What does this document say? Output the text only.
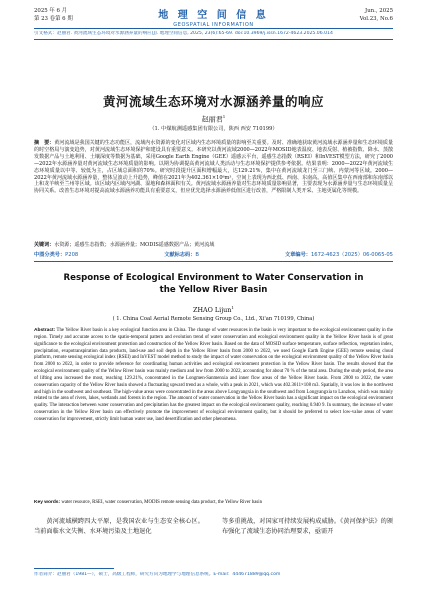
2025 年 6 月
第 23 卷第 6 期	地 理 空 间 信 息
GEOSPATIAL INFORMATION
Jun., 2025
Vol.23, No.6
引文格式：赵丽君. 黄河流域生态环境对水源涵养量的响应[J]. 地理空间信息, 2025, 23(6):65-69. doi:10.3969/j.issn.1672-4623.2025.06.014
黄河流域生态环境对水源涵养量的响应
赵丽君$^1$
（1. 中煤航测遥感集团有限公司，陕西 西安 710199）
摘　要：黄河流域是我国关键的生态功能区，流域内水资源的变化对区域内生态环境质量的影响至关重要。及时、准确地获取黄河流域水源涵养量和生态环境质量的时空格局与演变趋势，对黄河流域生态环境保护和建设具有重要意义。本研究以黄河流域2000—2022年MOSID地表温度、地表反射、植被指数、降水、蒸散发数据产品与土地利用、土壤深度等数据为基础，采用Google Earth Engine（GEE）遥感云平台，遥感生态指数（RSEI）和InVEST模型方法，研究了2000—2022年水源涵养量对黄河流域生态环境质量的影响。以期为协调提高黄河流域人类活动与生态环境保护提供参考依据。结果表明：2000—2022年黄河流域生态环境质量以中等、较低为主，占区域总面积的70%。研究时段提升区面积增幅最大，达129.21%，集中在黄河流域龙门至三门峡、内蒙河等区域。2000—2022年黄河流域水源涵养量，整体呈波动上升趋势，峰值在2021年为402.361×10⁸m³，空间上表现为西北低、西南、东南高。高值区集中在西南部和东南部以上和龙羊峡至兰州等区域。该区域内区域内河湖、湿地和森林面积有关。黄河流域水源涵养量对生态环境质量影响显著，主要表现为水源涵养量与生态环境质量呈协同关系。改善生态环境对提高流域水源涵养功能具有重要意义，但应优先选择水源涵养低值区进行改善，严格限制人类开采、主地更属化等规模。
关键词：水资源；遥感生态指数；水源涵养量；MODIS遥感数据产品；黄河流域
中图分类号：P208	文献标志码：B	文章编号：1672-4623（2025）06-0065-05
Response of Ecological Environment to Water Conservation in the Yellow River Basin
ZHAO Lijun$^1$
( 1. China Coal Aerial Remote Sensing Group Co., Ltd., Xi'an 710199, China)
Abstract: The Yellow River basin is a key ecological function area in China. The change of water resources in the basin is very important to the ecological environment quality in the region. Timely and accurate access to the spatio-temporal pattern and evolution trend of water conservation and ecological environment quality in the Yellow River basin is of great significance to the ecological environment protection and construction of the Yellow River basin. Based on the data of MOSID surface temperature, surface reflection, vegetation index, precipitation, evapotranspiration data products, land-use and soil depth in the Yellow River basin from 2000 to 2022, we used Google Earth Engine (GEE) remote sensing cloud platform, remote sensing ecological index (RSEI) and InVEST model method to study the impact of water conservation on the ecological environment quality of the Yellow River basin from 2000 to 2022, in order to provide reference for coordinating human activities and ecological environment protection in the Yellow River basin. The results showed that the ecological environment quality of the Yellow River basin was mainly medium and low from 2000 to 2022, accounting for about 70 % of the total area. During the study period, the area of lifting area increased the most, reaching 129.21%, concentrated in the Longmen-Sanmenxia and inner flow areas of the Yellow River basin. From 2000 to 2022, the water conservation capacity of the Yellow River basin showed a fluctuating upward trend as a whole, with a peak in 2021, which was 402.3611×108 m3. Spatially, it was low in the northwest and high in the southwest and southeast. The high-value areas were concentrated in the areas above Longyangxia in the southwest and from Longyangxia to Lanzhou, which was mainly related to the area of rivers, lakes, wetlands and forests in the region. The amount of water conservation in the Yellow River basin has a significant impact on the ecological environment quality. The interaction between water conservation and precipitation has the greatest impact on the ecological environment quality, reaching 0.940 9. In summary, the increase of water conservation in the Yellow River basin can effectively promote the improvement of ecological environment quality, but it should be preferred to select low-value areas of water conservation for improvement, strictly limit human water use, land desertification and other phenomena.
Key words: water resource, RSEI, water conservation, MODIS remote sensing data product, the Yellow River basin
黄河流域横跨四大平原，是我国农业与生态安全核心区。当前面临水文失衡、水环境污染及土地退化
等多重挑战，对国家可持续发展构成威胁。《黄河保护法》的颁布强化了流域生态协同治理要求，亟需开
作者简介：赵丽君（1981—），硕士，高级工程师，研究方向为地理学与地理信息系统。E-mail：444671889@qq.com
